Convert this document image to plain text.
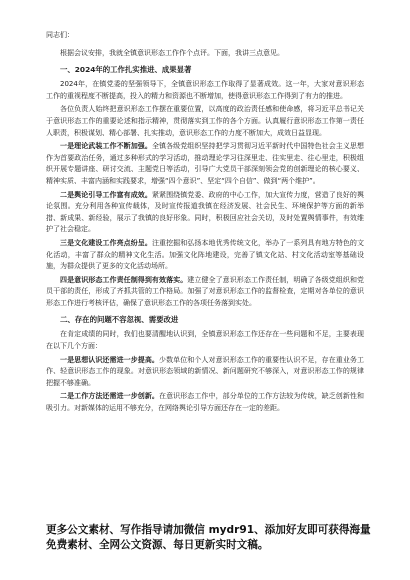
同志们：

根据会议安排，我就全镇意识形态工作作个点评。下面，我讲三点意见。

一、2024年的工作扎实推进、成果显著

2024年，在镇党委的坚强领导下，全镇意识形态工作取得了显著成效。这一年，大家对意识形态工作的重视程度不断提高，投入的精力和资源也不断增加，使得意识形态工作得到了有力的推进。

各位负责人始终把意识形态工作摆在重要位置，以高度的政治责任感和使命感，将习近平总书记关于意识形态工作的重要论述和指示精神，贯彻落实到工作的各个方面。认真履行意识形态工作第一责任人职责，积极谋划、精心部署、扎实推动，意识形态工作的力度不断加大，成效日益显现。

一是理论武装工作不断加强。全镇各级党组织坚持把学习贯彻习近平新时代中国特色社会主义思想作为首要政治任务，通过多种形式的学习活动，推动理论学习往深里走、往实里走、往心里走，积极组织开展专题讲座、研讨交流、主题党日等活动，引导广大党员干部深刻领会党的创新理论的核心要义、精神实质、丰富内涵和实践要求，增强“四个意识”、坚定“四个自信”、做到“两个维护”。

二是舆论引导工作富有成效。紧紧围绕镇党委、政府的中心工作，加大宣传力度，营造了良好的舆论氛围。充分利用各种宣传载体，及时宣传报道我镇在经济发展、社会民生、环境保护等方面的新举措、新成果、新经验，展示了我镇的良好形象。同时，积极回应社会关切，及时处置舆情事件，有效维护了社会稳定。

三是文化建设工作亮点纷呈。注重挖掘和弘扬本地优秀传统文化，举办了一系列具有地方特色的文化活动，丰富了群众的精神文化生活。加强文化阵地建设，完善了镇文化站、村文化活动室等基础设施，为群众提供了更多的文化活动场所。

四是意识形态工作责任制得到有效落实。建立健全了意识形态工作责任制，明确了各级党组织和党员干部的责任，形成了齐抓共管的工作格局。加强了对意识形态工作的监督检查，定期对各单位的意识形态工作进行考核评估，确保了意识形态工作的各项任务落到实处。

二、存在的问题不容忽视、需要改进

在肯定成绩的同时，我们也要清醒地认识到，全镇意识形态工作还存在一些问题和不足，主要表现在以下几个方面：

一是思想认识还需进一步提高。少数单位和个人对意识形态工作的重要性认识不足，存在重业务工作、轻意识形态工作的现象。对意识形态领域的新情况、新问题研究不够深入，对意识形态工作的规律把握不够准确。

二是工作方法还需进一步创新。在意识形态工作中，部分单位的工作方法较为传统，缺乏创新性和吸引力。对新媒体的运用不够充分，在网络舆论引导方面还存在一定的差距。

更多公文素材、写作指导请加微信 mydr91、添加好友即可获得海量免费素材、全网公文资源、每日更新实时文稿。
